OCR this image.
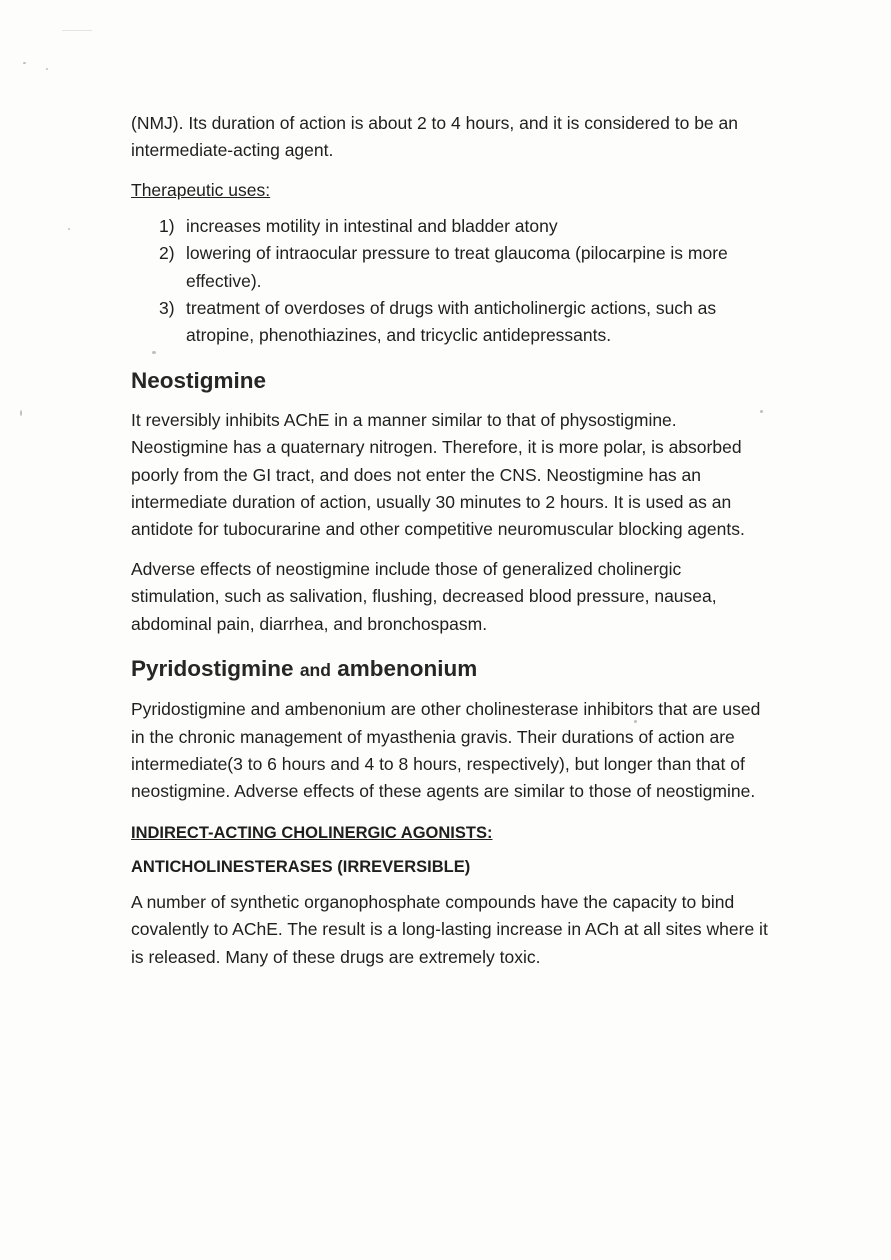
(NMJ). Its duration of action is about 2 to 4 hours, and it is considered to be an intermediate-acting agent.

Therapeutic uses:
1) increases motility in intestinal and bladder atony
2) lowering of intraocular pressure to treat glaucoma (pilocarpine is more effective).
3) treatment of overdoses of drugs with anticholinergic actions, such as atropine, phenothiazines, and tricyclic antidepressants.
Neostigmine

It reversibly inhibits AChE in a manner similar to that of physostigmine. Neostigmine has a quaternary nitrogen. Therefore, it is more polar, is absorbed poorly from the GI tract, and does not enter the CNS. Neostigmine has an intermediate duration of action, usually 30 minutes to 2 hours. It is used as an antidote for tubocurarine and other competitive neuromuscular blocking agents.

Adverse effects of neostigmine include those of generalized cholinergic stimulation, such as salivation, flushing, decreased blood pressure, nausea, abdominal pain, diarrhea, and bronchospasm.

Pyridostigmine and ambenonium

Pyridostigmine and ambenonium are other cholinesterase inhibitors that are used in the chronic management of myasthenia gravis. Their durations of action are intermediate(3 to 6 hours and 4 to 8 hours, respectively), but longer than that of neostigmine. Adverse effects of these agents are similar to those of neostigmine.

INDIRECT-ACTING CHOLINERGIC AGONISTS:
ANTICHOLINESTERASES (IRREVERSIBLE)

A number of synthetic organophosphate compounds have the capacity to bind covalently to AChE. The result is a long-lasting increase in ACh at all sites where it is released. Many of these drugs are extremely toxic.
